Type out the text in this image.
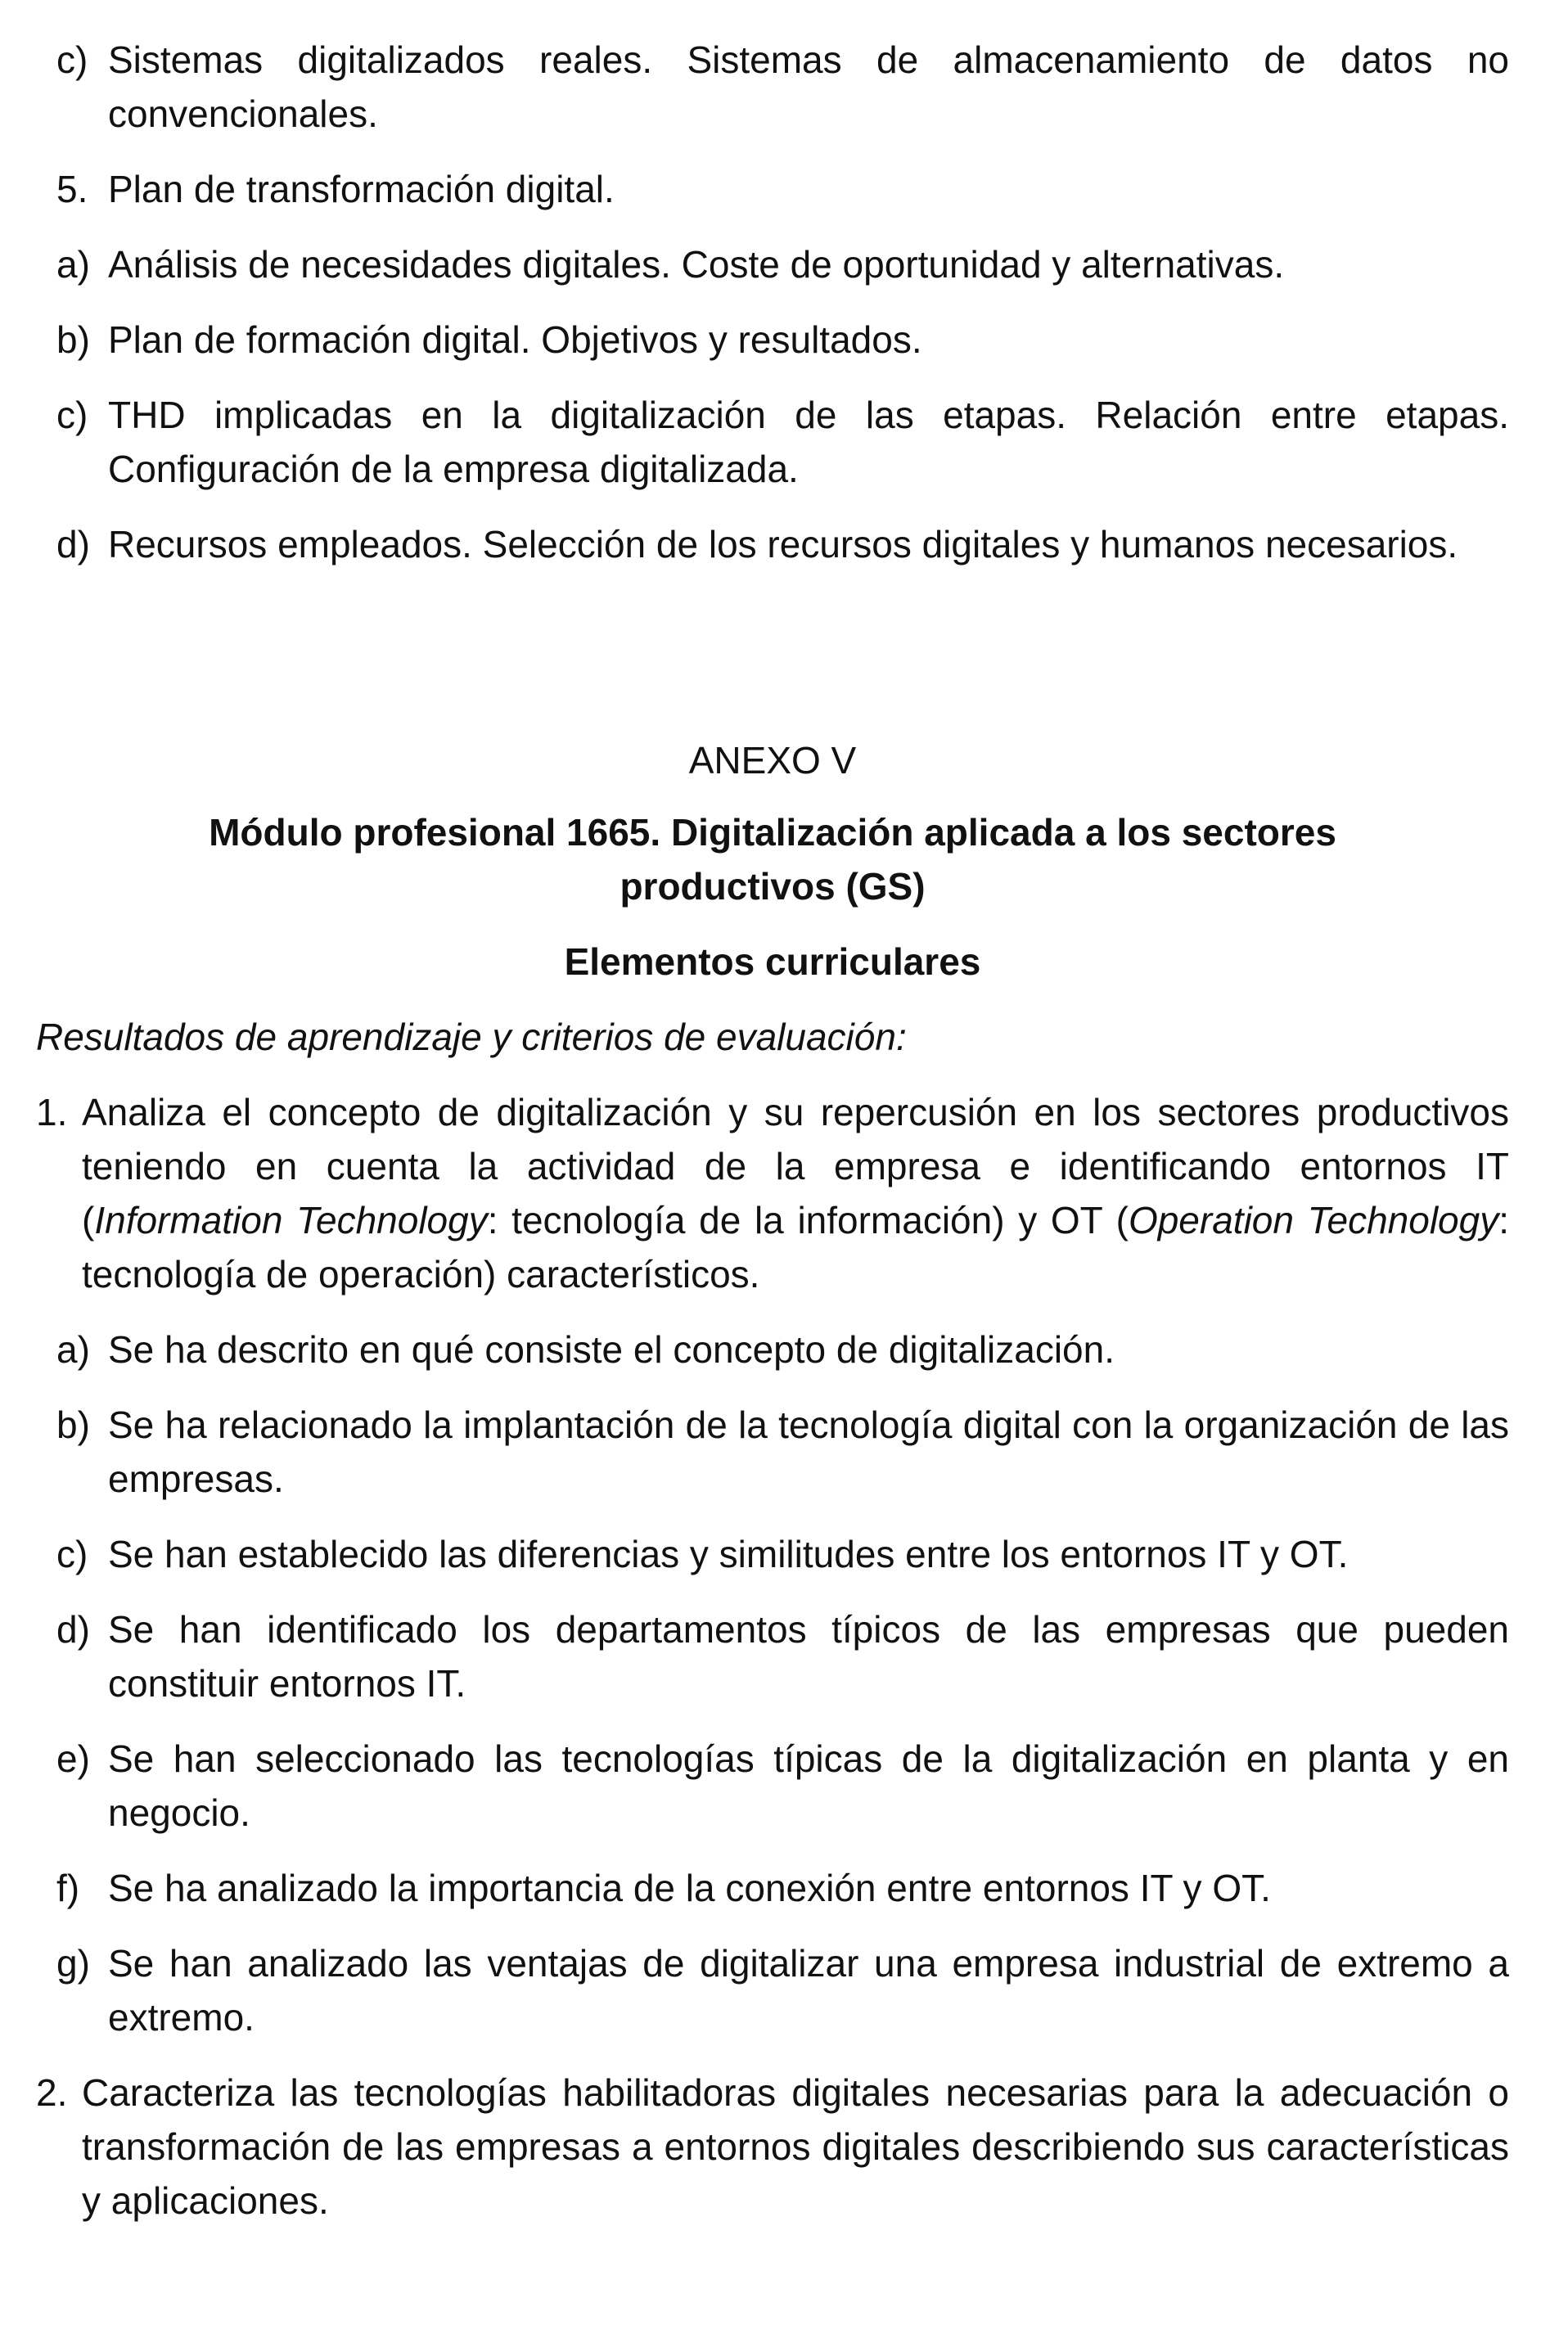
c) Sistemas digitalizados reales. Sistemas de almacenamiento de datos no convencionales.
5. Plan de transformación digital.
a) Análisis de necesidades digitales. Coste de oportunidad y alternativas.
b) Plan de formación digital. Objetivos y resultados.
c) THD implicadas en la digitalización de las etapas. Relación entre etapas. Configuración de la empresa digitalizada.
d) Recursos empleados. Selección de los recursos digitales y humanos necesarios.
ANEXO V
Módulo profesional 1665. Digitalización aplicada a los sectores productivos (GS)
Elementos curriculares
Resultados de aprendizaje y criterios de evaluación:
1. Analiza el concepto de digitalización y su repercusión en los sectores productivos teniendo en cuenta la actividad de la empresa e identificando entornos IT (Information Technology: tecnología de la información) y OT (Operation Technology: tecnología de operación) característicos.
a) Se ha descrito en qué consiste el concepto de digitalización.
b) Se ha relacionado la implantación de la tecnología digital con la organización de las empresas.
c) Se han establecido las diferencias y similitudes entre los entornos IT y OT.
d) Se han identificado los departamentos típicos de las empresas que pueden constituir entornos IT.
e) Se han seleccionado las tecnologías típicas de la digitalización en planta y en negocio.
f) Se ha analizado la importancia de la conexión entre entornos IT y OT.
g) Se han analizado las ventajas de digitalizar una empresa industrial de extremo a extremo.
2. Caracteriza las tecnologías habilitadoras digitales necesarias para la adecuación o transformación de las empresas a entornos digitales describiendo sus características y aplicaciones.
